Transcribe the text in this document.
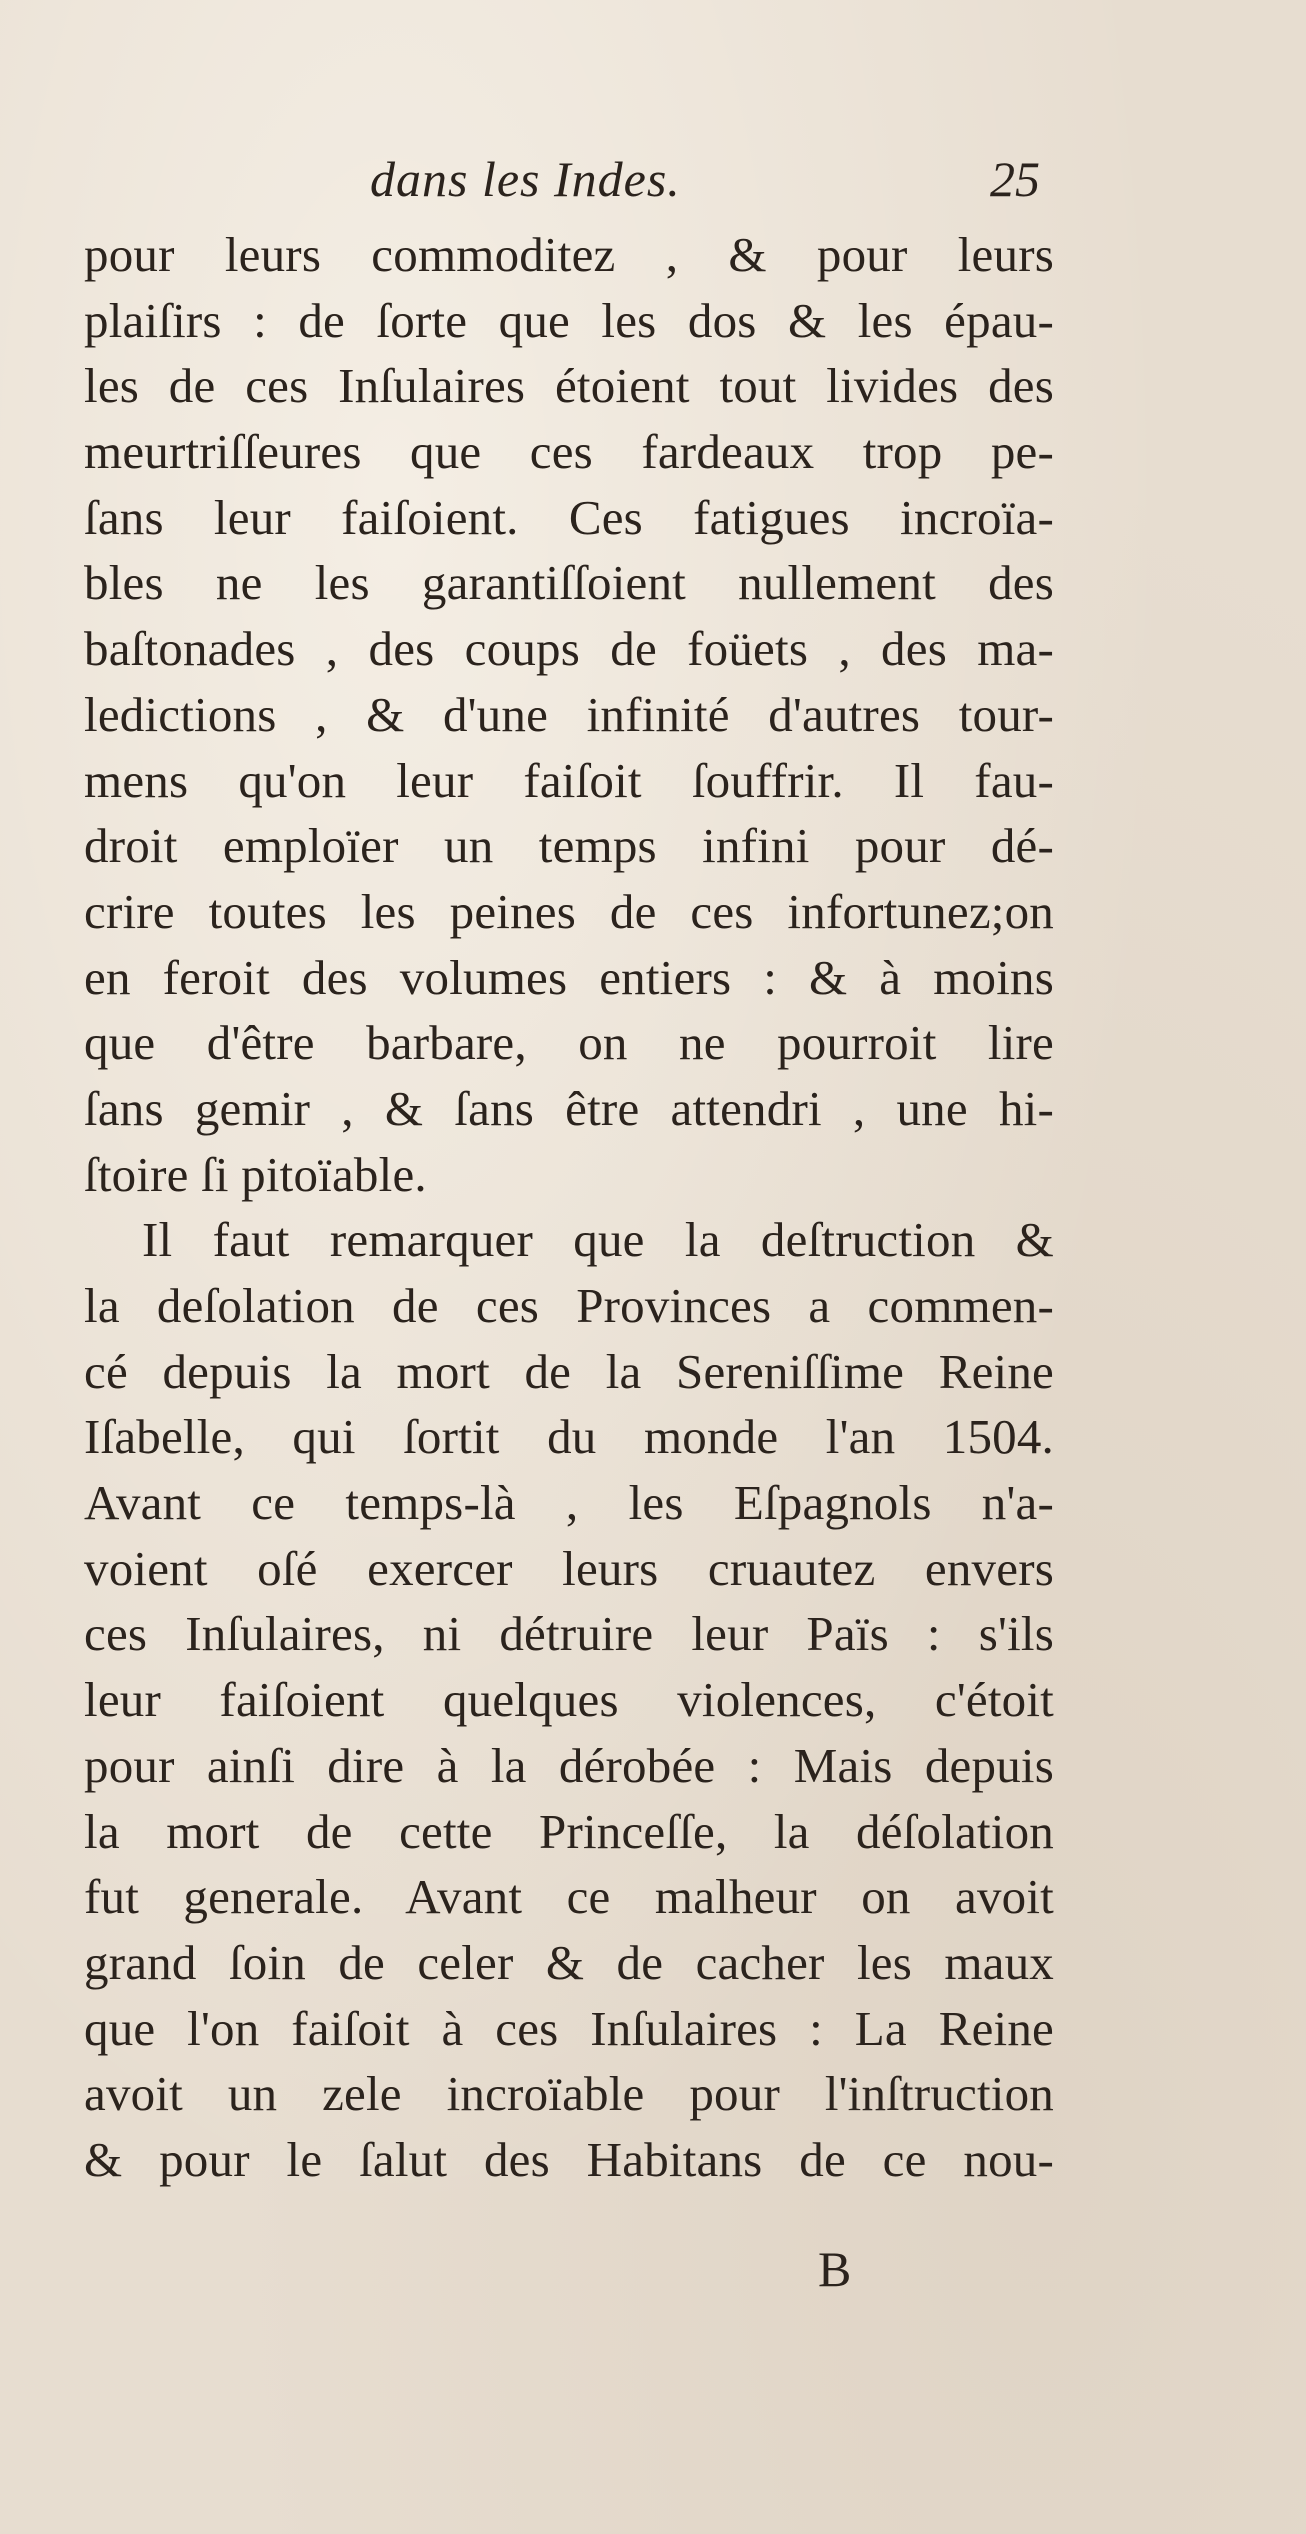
dans les Indes.	25
pour leurs commoditez , & pour leurs
plaiſirs : de ſorte que les dos & les épau-
les de ces Inſulaires étoient tout livides des
meurtriſſeures que ces fardeaux trop pe-
ſans leur faiſoient. Ces fatigues incroïa-
bles ne les garantiſſoient nullement des
baſtonades , des coups de foüets , des ma-
ledictions , & d'une infinité d'autres tour-
mens qu'on leur faiſoit ſouffrir. Il fau-
droit emploïer un temps infini pour dé-
crire toutes les peines de ces infortunez;on
en feroit des volumes entiers : & à moins
que d'être barbare, on ne pourroit lire
ſans gemir , & ſans être attendri , une hi-
ſtoire ſi pitoïable.
Il faut remarquer que la deſtruction &
la deſolation de ces Provinces a commen-
cé depuis la mort de la Sereniſſime Reine
Iſabelle, qui ſortit du monde l'an 1504.
Avant ce temps-là , les Eſpagnols n'a-
voient oſé exercer leurs cruautez envers
ces Inſulaires, ni détruire leur Païs : s'ils
leur faiſoient quelques violences, c'étoit
pour ainſi dire à la dérobée : Mais depuis
la mort de cette Princeſſe, la déſolation
fut generale. Avant ce malheur on avoit
grand ſoin de celer & de cacher les maux
que l'on faiſoit à ces Inſulaires : La Reine
avoit un zele incroïable pour l'inſtruction
& pour le ſalut des Habitans de ce nou-
B
